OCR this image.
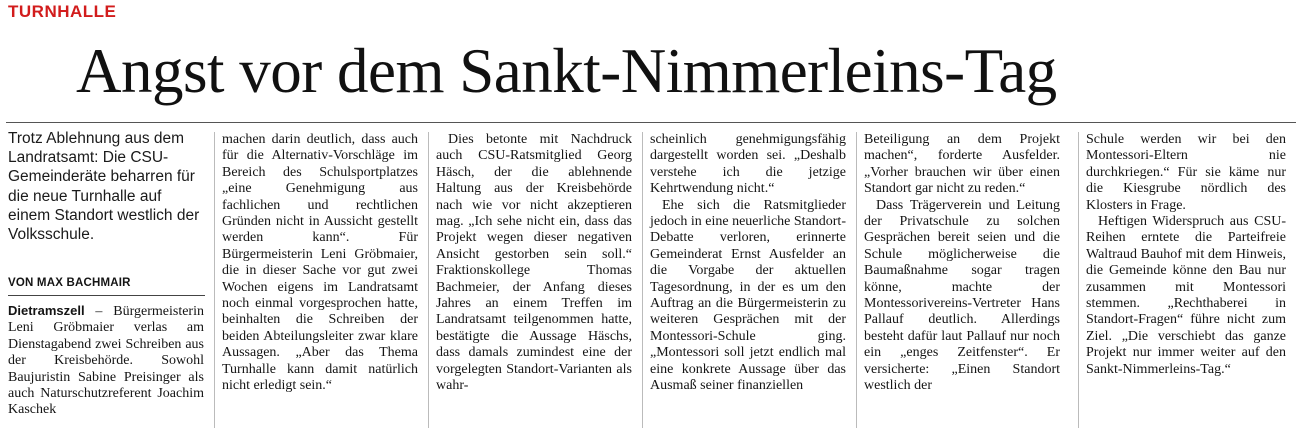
TURNHALLE
Angst vor dem Sankt-Nimmerleins-Tag

Trotz Ablehnung aus dem Landratsamt: Die CSU-Gemeinderäte beharren für die neue Turnhalle auf einem Standort westlich der Volksschule.

VON MAX BACHMAIR

Dietramszell – Bürgermeisterin Leni Gröbmaier verlas am Dienstagabend zwei Schreiben aus der Kreisbehörde. Sowohl Baujuristin Sabine Preisinger als auch Naturschutzreferent Joachim Kaschek

machen darin deutlich, dass auch für die Alternativ-Vorschläge im Bereich des Schulsportplatzes „eine Genehmigung aus fachlichen und rechtlichen Gründen nicht in Aussicht gestellt werden kann“. Für Bürgermeisterin Leni Gröbmaier, die in dieser Sache vor gut zwei Wochen eigens im Landratsamt noch einmal vorgesprochen hatte, beinhalten die Schreiben der beiden Abteilungsleiter zwar klare Aussagen. „Aber das Thema Turnhalle kann damit natürlich nicht erledigt sein.“

Dies betonte mit Nachdruck auch CSU-Ratsmitglied Georg Häsch, der die ablehnende Haltung aus der Kreisbehörde nach wie vor nicht akzeptieren mag. „Ich sehe nicht ein, dass das Projekt wegen dieser negativen Ansicht gestorben sein soll.“ Fraktionskollege Thomas Bachmeier, der Anfang dieses Jahres an einem Treffen im Landratsamt teilgenommen hatte, bestätigte die Aussage Häschs, dass damals zumindest eine der vorgelegten Standort-Varianten als wahr-

scheinlich genehmigungsfähig dargestellt worden sei. „Deshalb verstehe ich die jetzige Kehrtwendung nicht.“

Ehe sich die Ratsmitglieder jedoch in eine neuerliche Standort-Debatte verloren, erinnerte Gemeinderat Ernst Ausfelder an die Vorgabe der aktuellen Tagesordnung, in der es um den Auftrag an die Bürgermeisterin zu weiteren Gesprächen mit der Montessori-Schule ging. „Montessori soll jetzt endlich mal eine konkrete Aussage über das Ausmaß seiner finanziellen

Beteiligung an dem Projekt machen“, forderte Ausfelder. „Vorher brauchen wir über einen Standort gar nicht zu reden.“

Dass Trägerverein und Leitung der Privatschule zu solchen Gesprächen bereit seien und die Schule möglicherweise die Baumaßnahme sogar tragen könne, machte der Montessorivereins-Vertreter Hans Pallauf deutlich. Allerdings besteht dafür laut Pallauf nur noch ein „enges Zeitfenster“. Er versicherte: „Einen Standort westlich der

Schule werden wir bei den Montessori-Eltern nie durchkriegen.“ Für sie käme nur die Kiesgrube nördlich des Klosters in Frage.

Heftigen Widerspruch aus CSU-Reihen erntete die Parteifreie Waltraud Bauhof mit dem Hinweis, die Gemeinde könne den Bau nur zusammen mit Montessori stemmen. „Rechthaberei in Standort-Fragen“ führe nicht zum Ziel. „Die verschiebt das ganze Projekt nur immer weiter auf den Sankt-Nimmerleins-Tag.“
